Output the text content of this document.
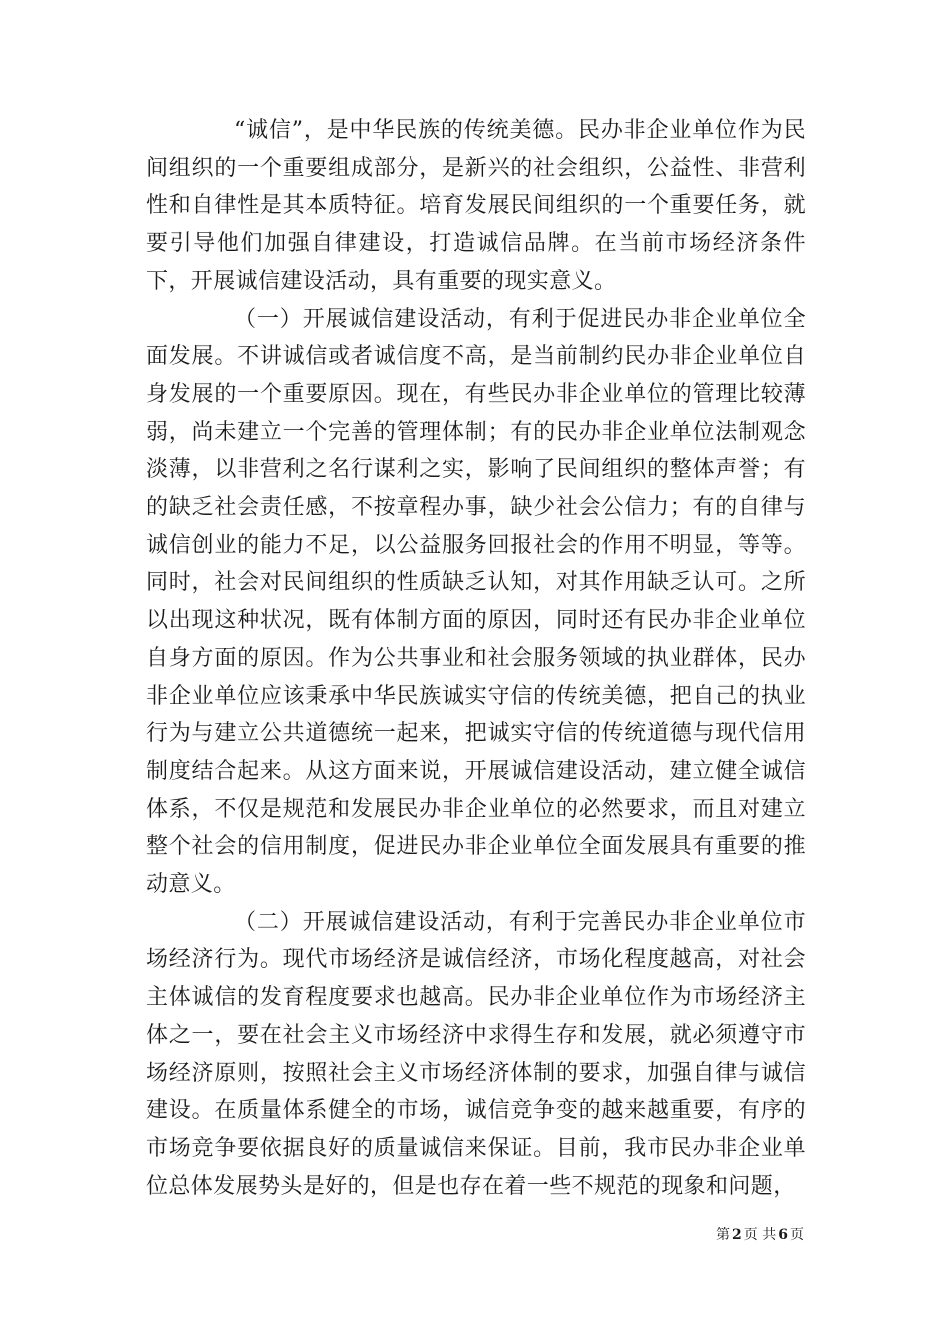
“诚信”，是中华民族的传统美德。民办非企业单位作为民间组织的一个重要组成部分，是新兴的社会组织，公益性、非营利性和自律性是其本质特征。培育发展民间组织的一个重要任务，就要引导他们加强自律建设，打造诚信品牌。在当前市场经济条件下，开展诚信建设活动，具有重要的现实意义。

（一）开展诚信建设活动，有利于促进民办非企业单位全面发展。不讲诚信或者诚信度不高，是当前制约民办非企业单位自身发展的一个重要原因。现在，有些民办非企业单位的管理比较薄弱，尚未建立一个完善的管理体制；有的民办非企业单位法制观念淡薄，以非营利之名行谋利之实，影响了民间组织的整体声誉；有的缺乏社会责任感，不按章程办事，缺少社会公信力；有的自律与诚信创业的能力不足，以公益服务回报社会的作用不明显，等等。同时，社会对民间组织的性质缺乏认知，对其作用缺乏认可。之所以出现这种状况，既有体制方面的原因，同时还有民办非企业单位自身方面的原因。作为公共事业和社会服务领域的执业群体，民办非企业单位应该秉承中华民族诚实守信的传统美德，把自己的执业行为与建立公共道德统一起来，把诚实守信的传统道德与现代信用制度结合起来。从这方面来说，开展诚信建设活动，建立健全诚信体系，不仅是规范和发展民办非企业单位的必然要求，而且对建立整个社会的信用制度，促进民办非企业单位全面发展具有重要的推动意义。

（二）开展诚信建设活动，有利于完善民办非企业单位市场经济行为。现代市场经济是诚信经济，市场化程度越高，对社会主体诚信的发育程度要求也越高。民办非企业单位作为市场经济主体之一，要在社会主义市场经济中求得生存和发展，就必须遵守市场经济原则，按照社会主义市场经济体制的要求，加强自律与诚信建设。在质量体系健全的市场，诚信竞争变的越来越重要，有序的市场竞争要依据良好的质量诚信来保证。目前，我市民办非企业单位总体发展势头是好的，但是也存在着一些不规范的现象和问题，

第 2 页 共 6 页
